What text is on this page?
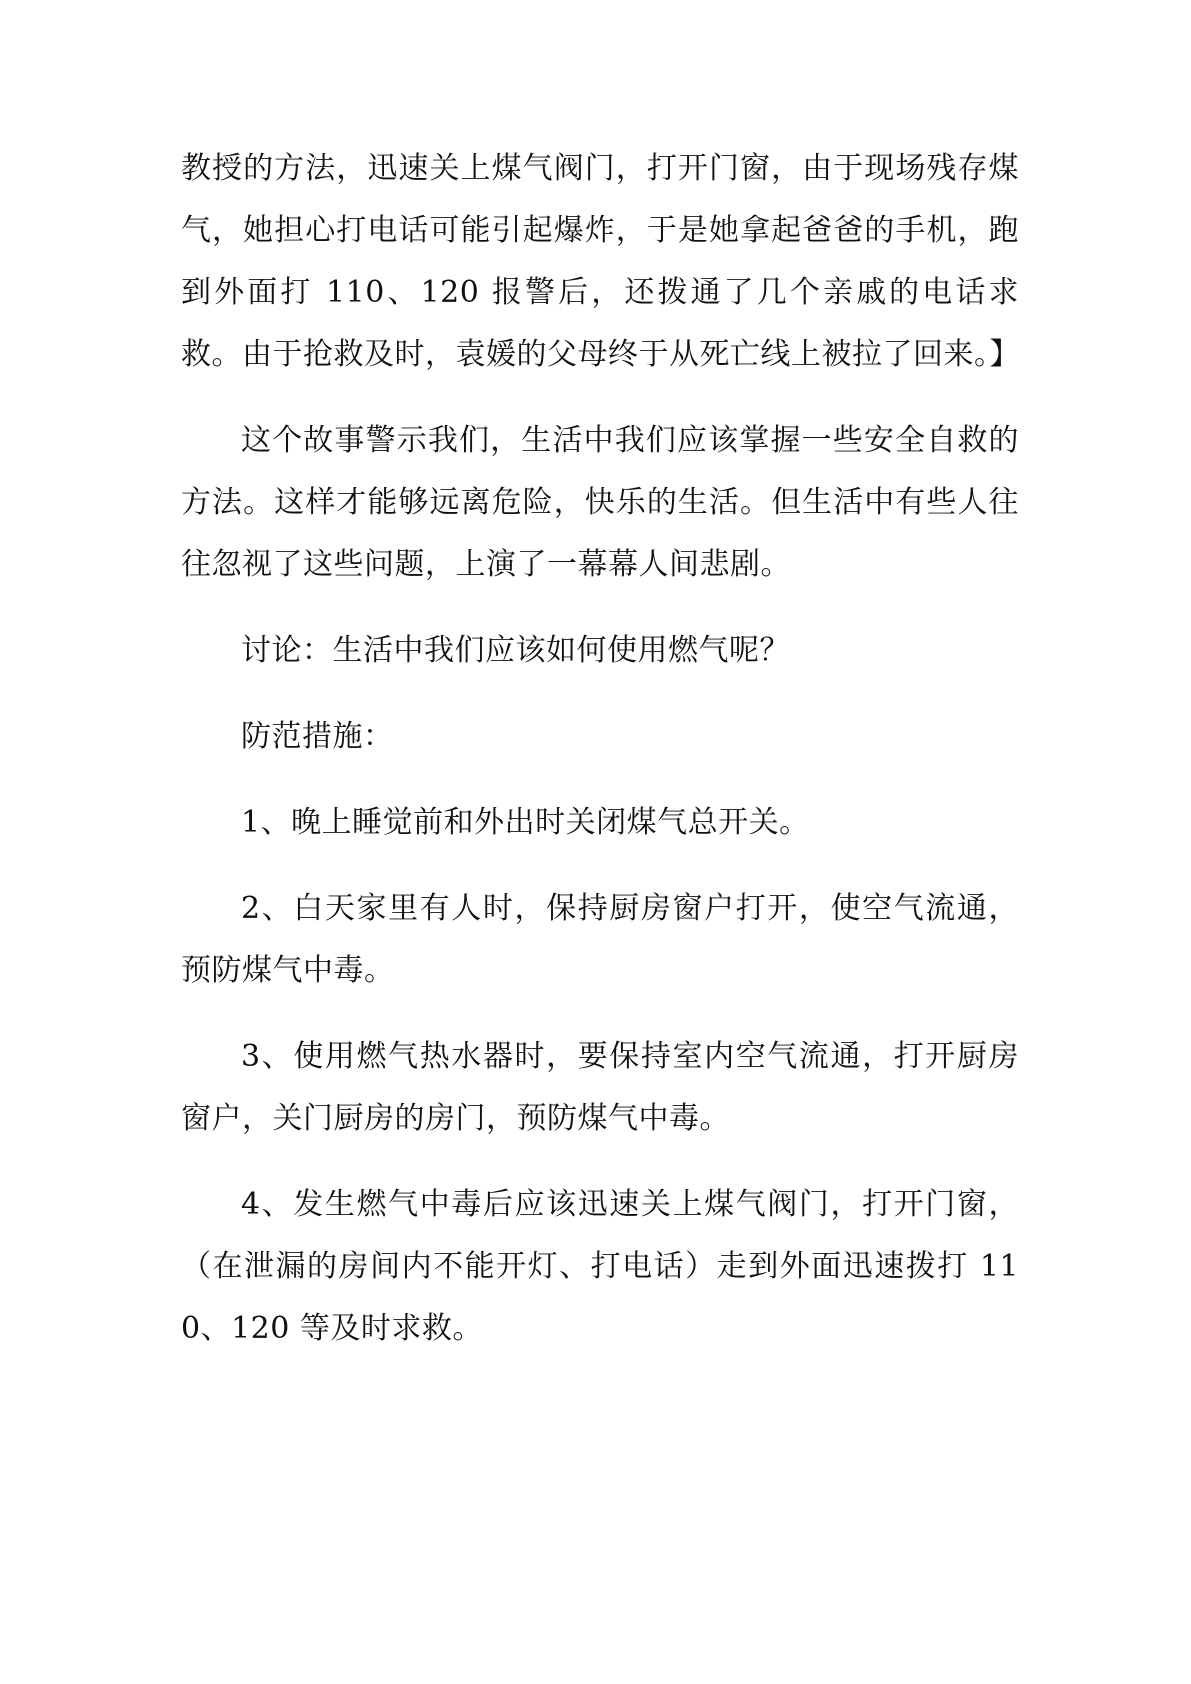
教授的方法，迅速关上煤气阀门，打开门窗，由于现场残存煤气，她担心打电话可能引起爆炸，于是她拿起爸爸的手机，跑到外面打 110、120 报警后，还拨通了几个亲戚的电话求救。由于抢救及时，袁媛的父母终于从死亡线上被拉了回来。】

这个故事警示我们，生活中我们应该掌握一些安全自救的方法。这样才能够远离危险，快乐的生活。但生活中有些人往往忽视了这些问题，上演了一幕幕人间悲剧。

讨论：生活中我们应该如何使用燃气呢？

防范措施：

1、晚上睡觉前和外出时关闭煤气总开关。

2、白天家里有人时，保持厨房窗户打开，使空气流通，预防煤气中毒。

3、使用燃气热水器时，要保持室内空气流通，打开厨房窗户，关门厨房的房门，预防煤气中毒。

4、发生燃气中毒后应该迅速关上煤气阀门，打开门窗，（在泄漏的房间内不能开灯、打电话）走到外面迅速拨打 110、120 等及时求救。
